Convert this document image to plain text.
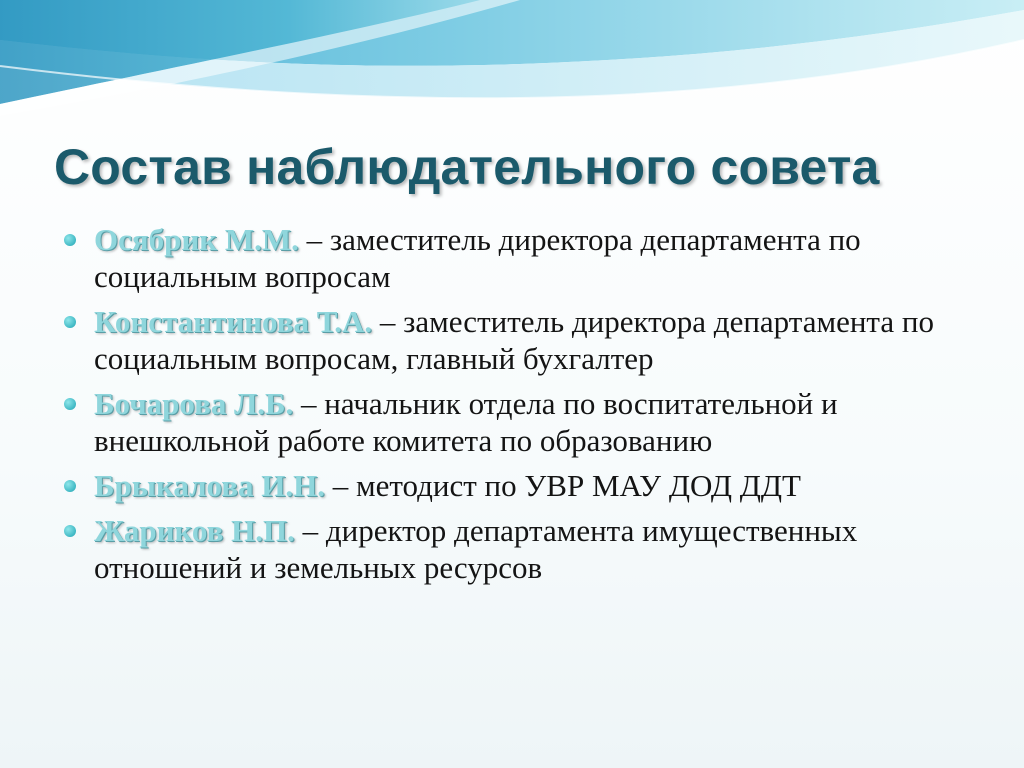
Состав наблюдательного совета
Осябрик М.М. – заместитель директора департамента по социальным вопросам
Константинова Т.А. – заместитель директора департамента по социальным вопросам, главный бухгалтер
Бочарова Л.Б. – начальник отдела по воспитательной и внешкольной работе комитета по образованию
Брыкалова И.Н. – методист по УВР МАУ ДОД ДДТ
Жариков Н.П. – директор департамента имущественных отношений и земельных ресурсов
